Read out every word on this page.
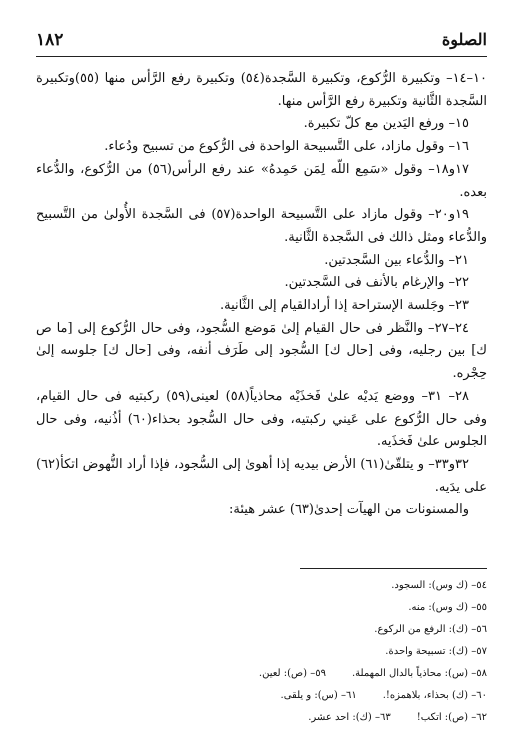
الصلوة
١٨٢

١٠–١٤– وتكبيرة الرُّكوع، وتكبيرة السَّجدة(٥٤) وتكبيرة رفع الرَّأس منها (٥٥)وتكبيرة السَّجدة الثَّانية وتكبيرة رفع الرَّأس منها.

١٥– ورفع اليَدين مع كلّ تكبيرة.

١٦– وقول مازاد، على التَّسبيحة الواحدة فى الرُّكوع من تسبيح ودُعاء.

١٧و١٨– وقول «سَمِع اللّه لِمَن حَمِدهُ» عند رفع الرأس(٥٦) من الرُّكوع، والدُّعاء بعده.

١٩و٢٠– وقول مازاد على التَّسبيحة الواحدة(٥٧) فى السَّجدة الأُولىٰ من التَّسبيح والدُّعاء ومثل ذالك فى السَّجدة الثَّانية.

٢١– والدُّعاء بين السَّجدتين.

٢٢– والإرغام بالأنف فى السَّجدتين.

٢٣– وجَلسة الإستراحة إذا أرادالقيام إلى الثَّانية.

٢٤–٢٧– والنَّظر فى حال القيام إلىٰ مَوضع السُّجود، وفى حال الرُّكوع إلى [ما ص ك] بين رجليه، وفى [حال ك] السُّجود إلى طَرَف أنفه، وفى [حال ك] جلوسه إلىٰ حِجْره.

٢٨– ٣١– ووضع يَديْه علىٰ فَخذَيْه محاذياً(٥٨) لعينى(٥٩) ركبتيه فى حال القيام، وفى حال الرُّكوع على عَيني ركبتيه، وفى حال السُّجود بحذاء(٦٠) أذُنيه، وفى حال الجلوس علىٰ فَخذَيه.

٣٢و٣٣– و يتلقّىٰ(٦١) الأرض بيديه إذا أهوىٰ إلى السُّجود، فإذا أراد النُّهوض اتكأ(٦٢) على يدَيه.

والمسنونات من الهيآت إحدىٰ(٦٣) عشر هيئة:

٥٤– (ك وس): السجود.
٥٥– (ك وس): منه.
٥٦– (ك): الرفع من الركوع.
٥٧– (ك): تسبيحة واحدة.
٥٨– (س): محاذياً بالدال المهملة.
٥٩– (ص): لعين.
٦٠– (ك) بحذاء، بلاهمزه!.
٦١– (س): و يلقى.
٦٢– (ص): اتكب!
٦٣– (ك): احد عشر.
